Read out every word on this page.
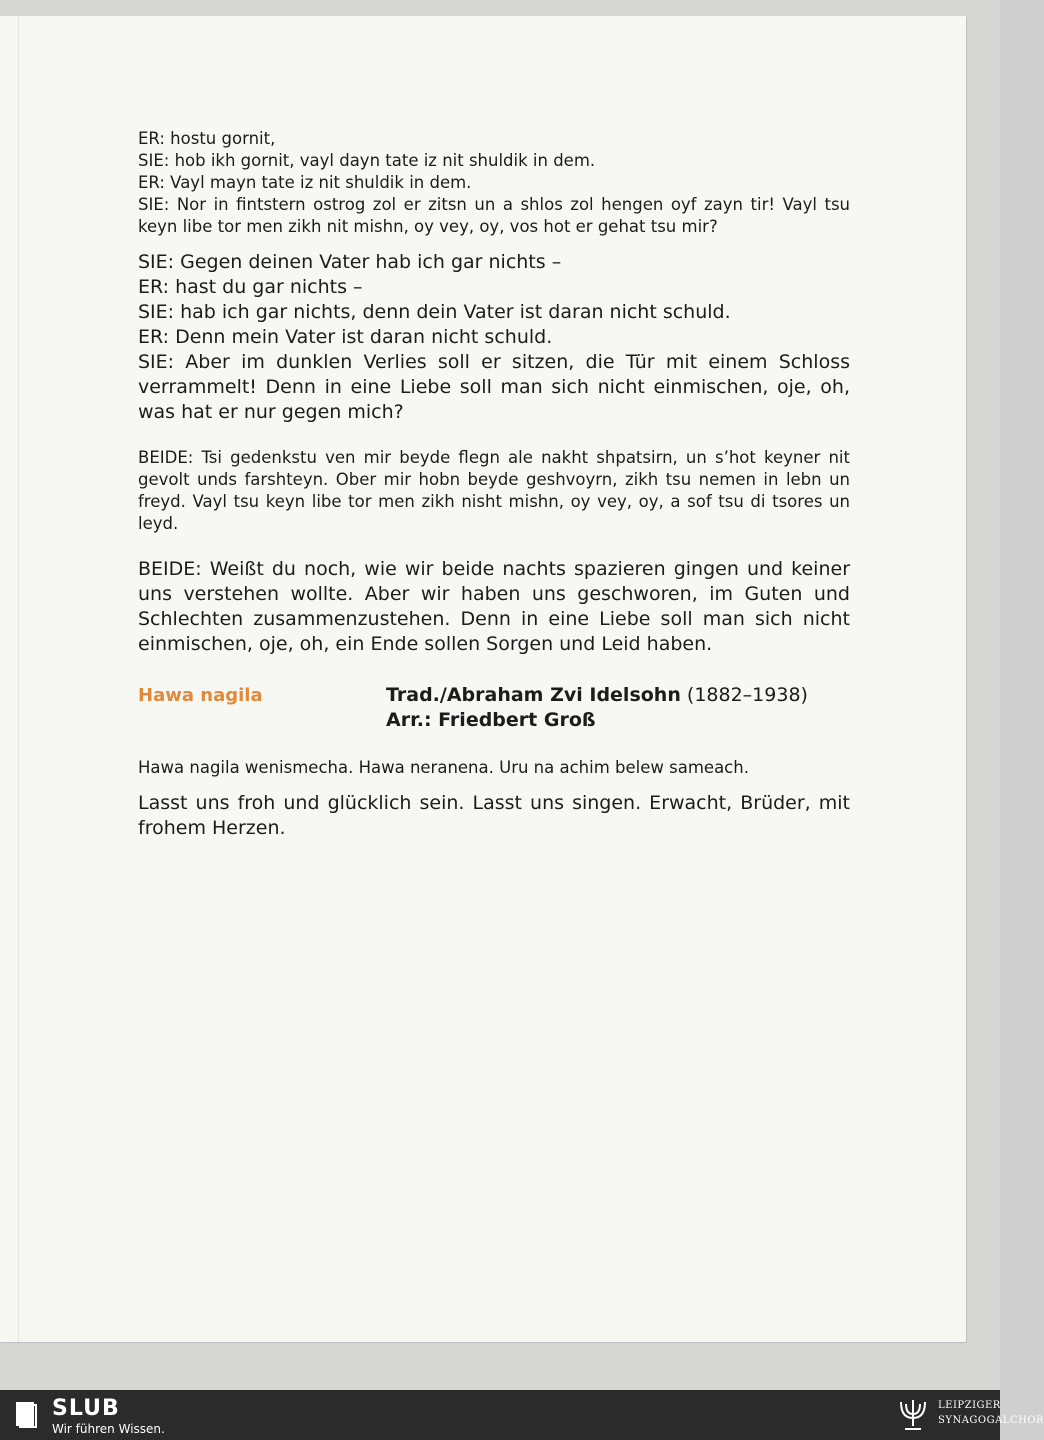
ER: hostu gornit,
SIE: hob ikh gornit, vayl dayn tate iz nit shuldik in dem.
ER: Vayl mayn tate iz nit shuldik in dem.
SIE: Nor in fintstern ostrog zol er zitsn un a shlos zol hengen oyf zayn tir! Vayl tsu keyn libe tor men zikh nit mishn, oy vey, oy, vos hot er gehat tsu mir?
SIE: Gegen deinen Vater hab ich gar nichts –
ER: hast du gar nichts –
SIE: hab ich gar nichts, denn dein Vater ist daran nicht schuld.
ER: Denn mein Vater ist daran nicht schuld.
SIE: Aber im dunklen Verlies soll er sitzen, die Tür mit einem Schloss verrammelt! Denn in eine Liebe soll man sich nicht einmischen, oje, oh, was hat er nur gegen mich?

BEIDE: Tsi gedenkstu ven mir beyde flegn ale nakht shpatsirn, un s’hot keyner nit gevolt unds farshteyn. Ober mir hobn beyde geshvoyrn, zikh tsu nemen in lebn un freyd. Vayl tsu keyn libe tor men zikh nisht mishn, oy vey, oy, a sof tsu di tsores un leyd.

BEIDE: Weißt du noch, wie wir beide nachts spazieren gingen und keiner uns verstehen wollte. Aber wir haben uns geschworen, im Guten und Schlechten zusammenzustehen. Denn in eine Liebe soll man sich nicht einmischen, oje, oh, ein Ende sollen Sorgen und Leid haben.

Hawa nagila	Trad./Abraham Zvi Idelsohn (1882–1938)
Arr.: Friedbert Groß

Hawa nagila wenismecha. Hawa neranena. Uru na achim belew sameach.

Lasst uns froh und glücklich sein. Lasst uns singen. Erwacht, Brüder, mit frohem Herzen.

SLUB
Wir führen Wissen.
LEIPZIGER
SYNAGOGALCHOR
